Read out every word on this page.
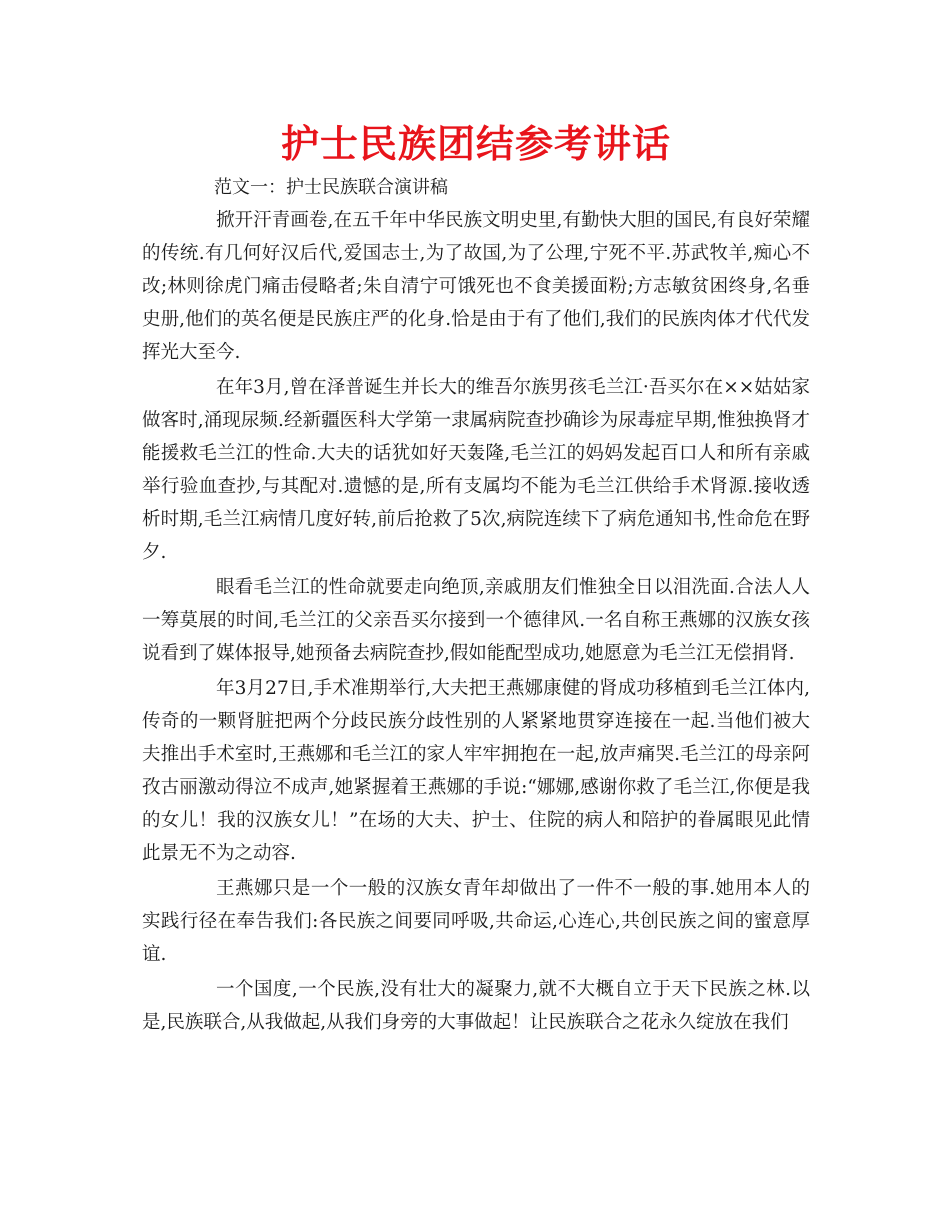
护士民族团结参考讲话
范文一：护士民族联合演讲稿

掀开汗青画卷,在五千年中华民族文明史里,有勤快大胆的国民,有良好荣耀的传统.有几何好汉后代,爱国志士,为了故国,为了公理,宁死不平.苏武牧羊,痴心不改;林则徐虎门痛击侵略者;朱自清宁可饿死也不食美援面粉;方志敏贫困终身,名垂史册,他们的英名便是民族庄严的化身.恰是由于有了他们,我们的民族肉体才代代发挥光大至今.

在年3月,曾在泽普诞生并长大的维吾尔族男孩毛兰江·吾买尔在××姑姑家做客时,涌现尿频.经新疆医科大学第一隶属病院查抄确诊为尿毒症早期,惟独换肾才能援救毛兰江的性命.大夫的话犹如好天轰隆,毛兰江的妈妈发起百口人和所有亲戚举行验血查抄,与其配对.遗憾的是,所有支属均不能为毛兰江供给手术肾源.接收透析时期,毛兰江病情几度好转,前后抢救了5次,病院连续下了病危通知书,性命危在野夕.

眼看毛兰江的性命就要走向绝顶,亲戚朋友们惟独全日以泪洗面.合法人人一筹莫展的时间,毛兰江的父亲吾买尔接到一个德律风.一名自称王燕娜的汉族女孩说看到了媒体报导,她预备去病院查抄,假如能配型成功,她愿意为毛兰江无偿捐肾.

年3月27日,手术准期举行,大夫把王燕娜康健的肾成功移植到毛兰江体内,传奇的一颗肾脏把两个分歧民族分歧性别的人紧紧地贯穿连接在一起.当他们被大夫推出手术室时,王燕娜和毛兰江的家人牢牢拥抱在一起,放声痛哭.毛兰江的母亲阿孜古丽激动得泣不成声,她紧握着王燕娜的手说:“娜娜,感谢你救了毛兰江,你便是我的女儿！我的汉族女儿！”在场的大夫、护士、住院的病人和陪护的眷属眼见此情此景无不为之动容.

王燕娜只是一个一般的汉族女青年却做出了一件不一般的事.她用本人的实践行径在奉告我们:各民族之间要同呼吸,共命运,心连心,共创民族之间的蜜意厚谊.

一个国度,一个民族,没有壮大的凝聚力,就不大概自立于天下民族之林.以是,民族联合,从我做起,从我们身旁的大事做起！让民族联合之花永久绽放在我们
